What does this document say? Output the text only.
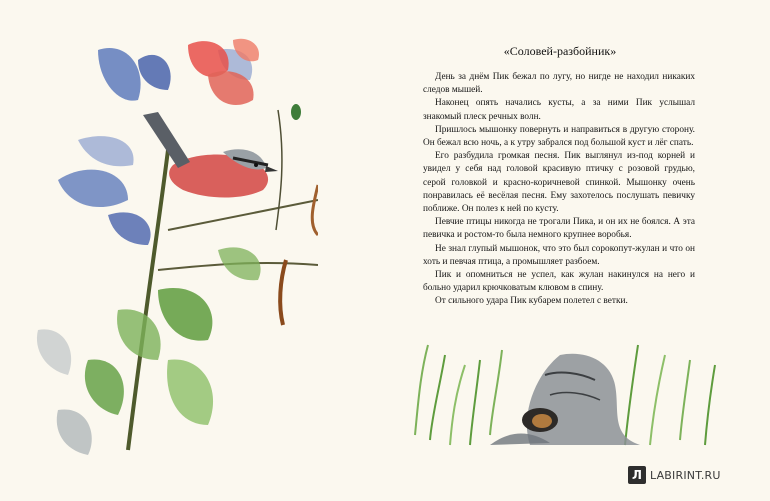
«Соловей-разбойник»

День за днём Пик бежал по лугу, но нигде не находил никаких следов мышей.

Наконец опять начались кусты, а за ними Пик услышал знакомый плеск речных волн.

Пришлось мышонку повернуть и направиться в другую сторону. Он бежал всю ночь, а к утру забрался под большой куст и лёг спать.

Его разбудила громкая песня. Пик выглянул из-под корней и увидел у себя над головой красивую птичку с розовой грудью, серой головкой и красно-коричневой спинкой. Мышонку очень понравилась её весёлая песня. Ему захотелось послушать певичку поближе. Он полез к ней по кусту.

Певчие птицы никогда не трогали Пика, и он их не боялся. А эта певичка и ростом-то была немного крупнее воробья.

Не знал глупый мышонок, что это был сорокопут-жулан и что он хоть и певчая птица, а промышляет разбоем.

Пик и опомниться не успел, как жулан накинулся на него и больно ударил крючковатым клювом в спину.

От сильного удара Пик кубарем полетел с ветки.

Л LABIRINT.RU
